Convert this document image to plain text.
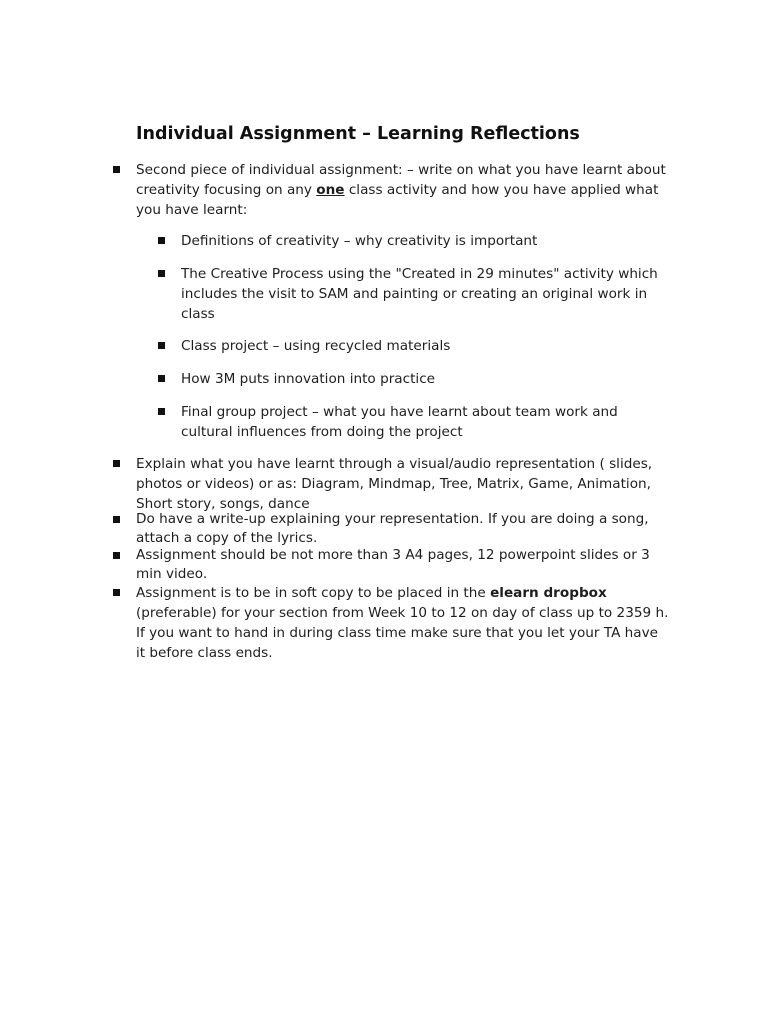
Individual Assignment – Learning Reflections
Second piece of individual assignment: – write on what you have learnt about
creativity focusing on any one class activity and how you have applied what
you have learnt:
Definitions of creativity – why creativity is important
The Creative Process using the "Created in 29 minutes" activity which
includes the visit to SAM and painting or creating an original work in
class
Class project – using recycled materials
How 3M puts innovation into practice
Final group project – what you have learnt about team work and
cultural influences from doing the project
Explain what you have learnt through a visual/audio representation ( slides,
photos or videos) or as: Diagram, Mindmap, Tree, Matrix, Game, Animation,
Short story, songs, dance
Do have a write-up explaining your representation. If you are doing a song,
attach a copy of the lyrics.
Assignment should be not more than 3 A4 pages, 12 powerpoint slides or 3
min video.
Assignment is to be in soft copy to be placed in the elearn dropbox
(preferable) for your section from Week 10 to 12 on day of class up to 2359 h.
If you want to hand in during class time make sure that you let your TA have
it before class ends.
